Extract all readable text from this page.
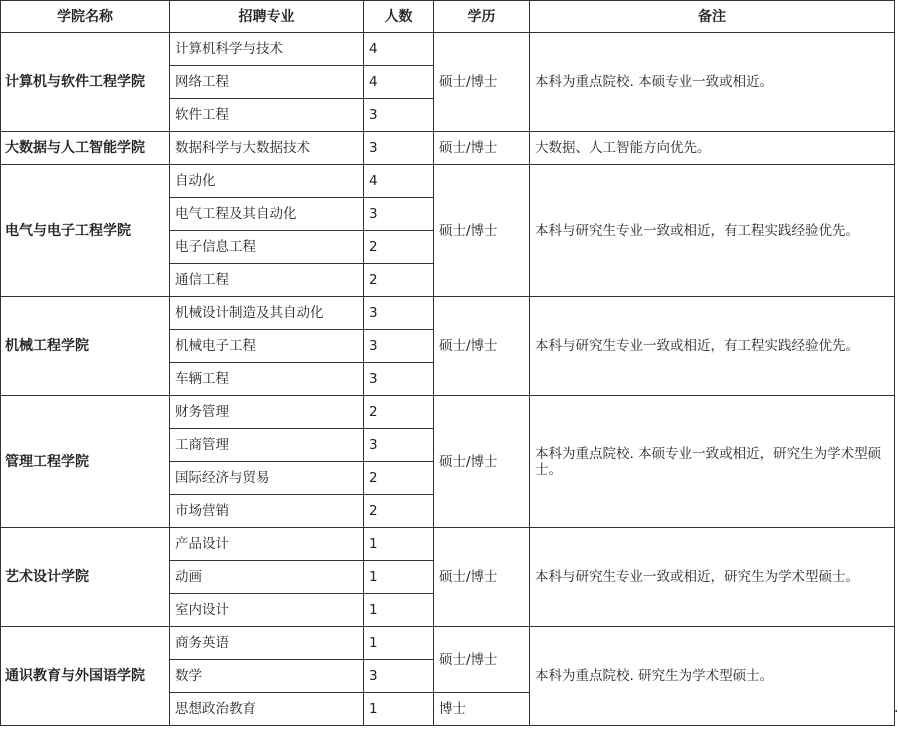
学院名称	招聘专业	人数	学历	备注
计算机与软件工程学院	计算机科学与技术	4	硕士/博士	本科为重点院校. 本硕专业一致或相近。
	网络工程	4		
	软件工程	3		
大数据与人工智能学院	数据科学与大数据技术	3	硕士/博士	大数据、人工智能方向优先。
电气与电子工程学院	自动化	4	硕士/博士	本科与研究生专业一致或相近，有工程实践经验优先。
	电气工程及其自动化	3		
	电子信息工程	2		
	通信工程	2		
机械工程学院	机械设计制造及其自动化	3	硕士/博士	本科与研究生专业一致或相近，有工程实践经验优先。
	机械电子工程	3		
	车辆工程	3		
管理工程学院	财务管理	2	硕士/博士	本科为重点院校. 本硕专业一致或相近，研究生为学术型硕士。
	工商管理	3		
	国际经济与贸易	2		
	市场营销	2		
艺术设计学院	产品设计	1	硕士/博士	本科与研究生专业一致或相近，研究生为学术型硕士。
	动画	1		
	室内设计	1		
通识教育与外国语学院	商务英语	1	硕士/博士	本科为重点院校. 研究生为学术型硕士。
	数学	3		
	思想政治教育	1	博士	
